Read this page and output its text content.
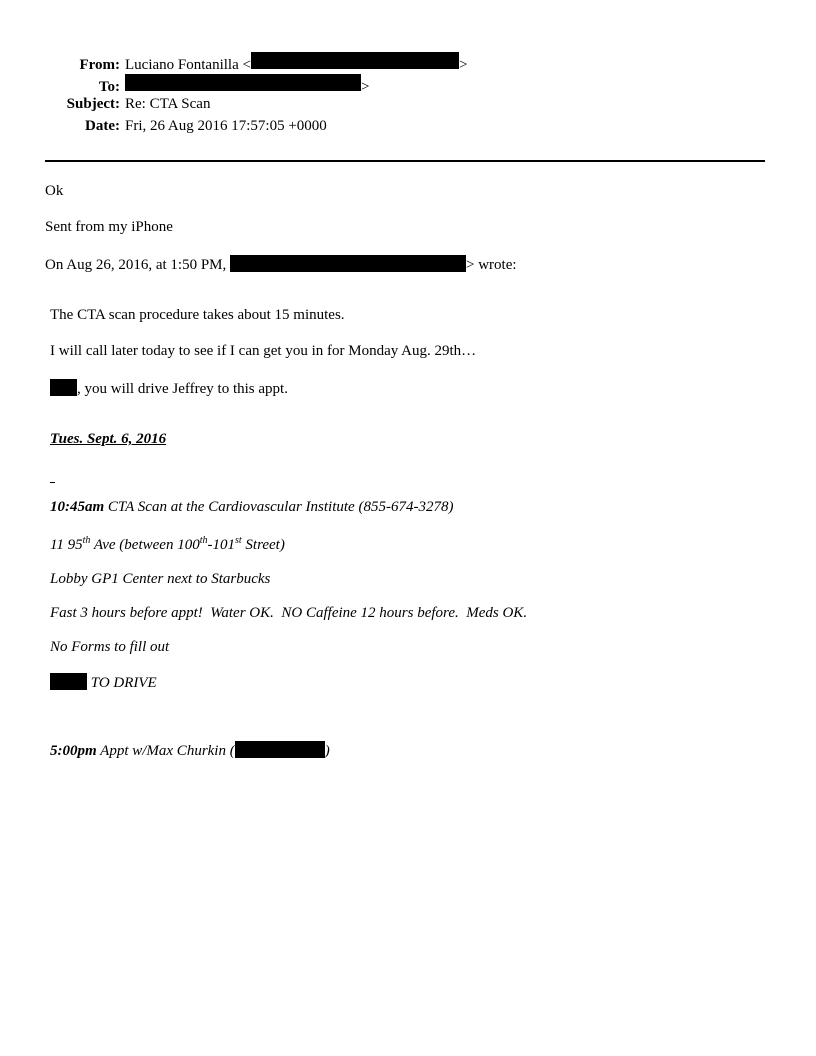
From: Luciano Fontanilla <	>
To:	>
Subject: Re: CTA Scan
Date: Fri, 26 Aug 2016 17:57:05 +0000

Ok

Sent from my iPhone

On Aug 26, 2016, at 1:50 PM,	> wrote:

The CTA scan procedure takes about 15 minutes.

I will call later today to see if I can get you in for Monday Aug. 29th…

, you will drive Jeffrey to this appt.

Tues. Sept. 6, 2016

10:45am CTA Scan at the Cardiovascular Institute (855-674-3278)

11 95th Ave (between 100th-101st Street)

Lobby GP1 Center next to Starbucks

Fast 3 hours before appt!  Water OK.  NO Caffeine 12 hours before.  Meds OK.

No Forms to fill out

TO DRIVE

5:00pm Appt w/Max Churkin (	)
